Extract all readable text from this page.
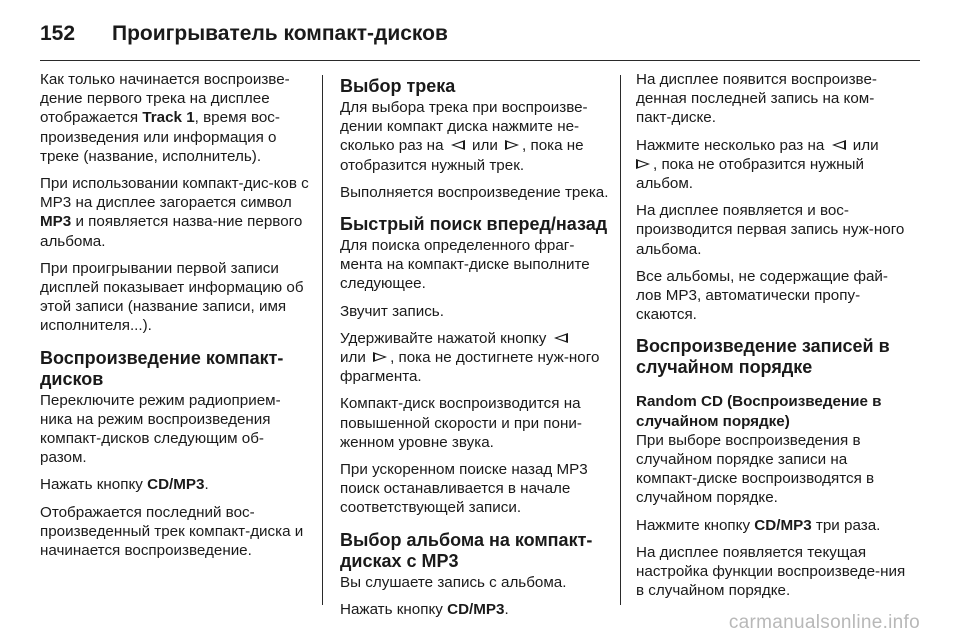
152 Проигрыватель компакт-дисков

Как только начинается воспроизве-дение первого трека на дисплее отображается Track 1, время вос-произведения или информация о треке (название, исполнитель).

При использовании компакт-дис-ков с MP3 на дисплее загорается символ MP3 и появляется назва-ние первого альбома.

При проигрывании первой записи дисплей показывает информацию об этой записи (название записи, имя исполнителя...).

Воспроизведение компакт-дисков

Переключите режим радиоприем-ника на режим воспроизведения компакт-дисков следующим об-разом.

Нажать кнопку CD/MP3.

Отображается последний вос-произведенный трек компакт-диска и начинается воспроизведение.

Выбор трека

Для выбора трека при воспроизве-дении компакт диска нажмите не-сколько раз на  или , пока не отобразится нужный трек.

Выполняется воспроизведение трека.

Быстрый поиск вперед/назад

Для поиска определенного фраг-мента на компакт-диске выполните следующее.

Звучит запись.

Удерживайте нажатой кнопку
или , пока не достигнете нуж-ного фрагмента.

Компакт-диск воспроизводится на повышенной скорости и при пони-женном уровне звука.

При ускоренном поиске назад MP3 поиск останавливается в начале соответствующей записи.

Выбор альбома на компакт-дисках с MP3

Вы слушаете запись с альбома.

Нажать кнопку CD/MP3.

На дисплее появится воспроизве-денная последней запись на ком-пакт-диске.

Нажмите несколько раз на  или
, пока не отобразится нужный альбом.

На дисплее появляется и вос-производится первая запись нуж-ного альбома.

Все альбомы, не содержащие фай-лов MP3, автоматически пропу-скаются.

Воспроизведение записей в случайном порядке
Random CD (Воспроизведение в случайном порядке)

При выборе воспроизведения в случайном порядке записи на компакт-диске воспроизводятся в случайном порядке.

Нажмите кнопку CD/MP3 три раза.

На дисплее появляется текущая настройка функции воспроизведе-ния в случайном порядке.

carmanualsonline.info
